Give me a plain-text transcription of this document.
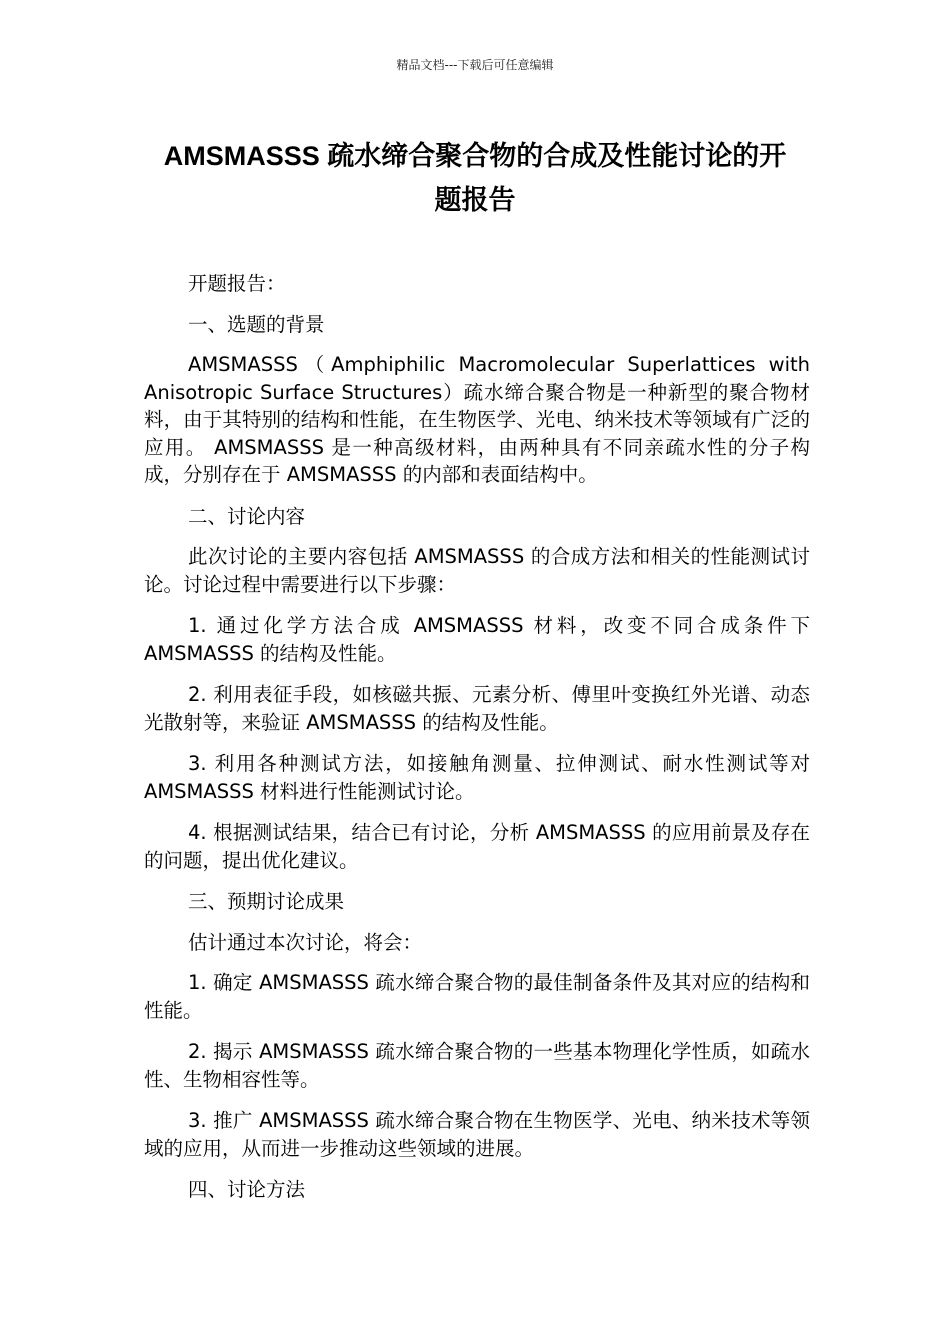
精品文档---下载后可任意编辑
AMSMASSS 疏水缔合聚合物的合成及性能讨论的开
题报告

开题报告：

一、选题的背景

AMSMASSS（Amphiphilic Macromolecular Superlattices with Anisotropic Surface Structures）疏水缔合聚合物是一种新型的聚合物材料，由于其特别的结构和性能，在生物医学、光电、纳米技术等领域有广泛的应用。 AMSMASSS 是一种高级材料，由两种具有不同亲疏水性的分子构成，分别存在于 AMSMASSS 的内部和表面结构中。

二、讨论内容

此次讨论的主要内容包括 AMSMASSS 的合成方法和相关的性能测试讨论。讨论过程中需要进行以下步骤：

1. 通过化学方法合成 AMSMASSS 材料，改变不同合成条件下 AMSMASSS 的结构及性能。

2. 利用表征手段，如核磁共振、元素分析、傅里叶变换红外光谱、动态光散射等，来验证 AMSMASSS 的结构及性能。

3. 利用各种测试方法，如接触角测量、拉伸测试、耐水性测试等对 AMSMASSS 材料进行性能测试讨论。

4. 根据测试结果，结合已有讨论，分析 AMSMASSS 的应用前景及存在的问题，提出优化建议。

三、预期讨论成果

估计通过本次讨论，将会：

1. 确定 AMSMASSS 疏水缔合聚合物的最佳制备条件及其对应的结构和性能。

2. 揭示 AMSMASSS 疏水缔合聚合物的一些基本物理化学性质，如疏水性、生物相容性等。

3. 推广 AMSMASSS 疏水缔合聚合物在生物医学、光电、纳米技术等领域的应用，从而进一步推动这些领域的进展。

四、讨论方法
